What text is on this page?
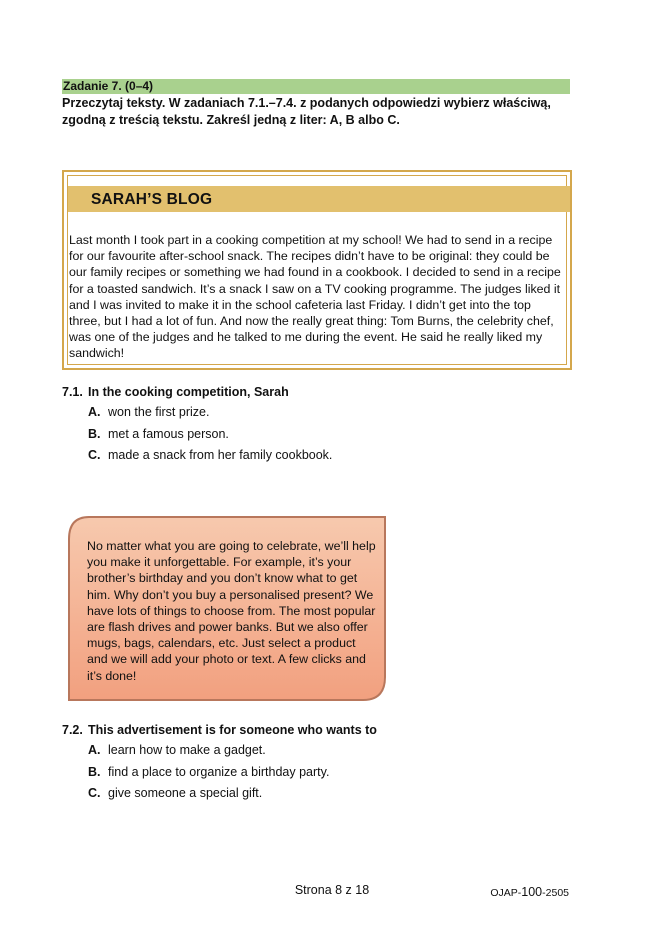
Zadanie 7. (0–4)
Przeczytaj teksty. W zadaniach 7.1.–7.4. z podanych odpowiedzi wybierz właściwą, zgodną z treścią tekstu. Zakreśl jedną z liter: A, B albo C.
SARAH’S BLOG
Last month I took part in a cooking competition at my school! We had to send in a recipe for our favourite after-school snack. The recipes didn’t have to be original: they could be our family recipes or something we had found in a cookbook. I decided to send in a recipe for a toasted sandwich. It’s a snack I saw on a TV cooking programme. The judges liked it and I was invited to make it in the school cafeteria last Friday. I didn’t get into the top three, but I had a lot of fun. And now the really great thing: Tom Burns, the celebrity chef, was one of the judges and he talked to me during the event. He said he really liked my sandwich!
7.1. In the cooking competition, Sarah
A. won the first prize.
B. met a famous person.
C. made a snack from her family cookbook.
No matter what you are going to celebrate, we’ll help you make it unforgettable. For example, it’s your brother’s birthday and you don’t know what to get him. Why don’t you buy a personalised present? We have lots of things to choose from. The most popular are flash drives and power banks. But we also offer mugs, bags, calendars, etc. Just select a product and we will add your photo or text. A few clicks and it’s done!
7.2. This advertisement is for someone who wants to
A. learn how to make a gadget.
B. find a place to organize a birthday party.
C. give someone a special gift.
Strona 8 z 18	OJAP-100-2505
